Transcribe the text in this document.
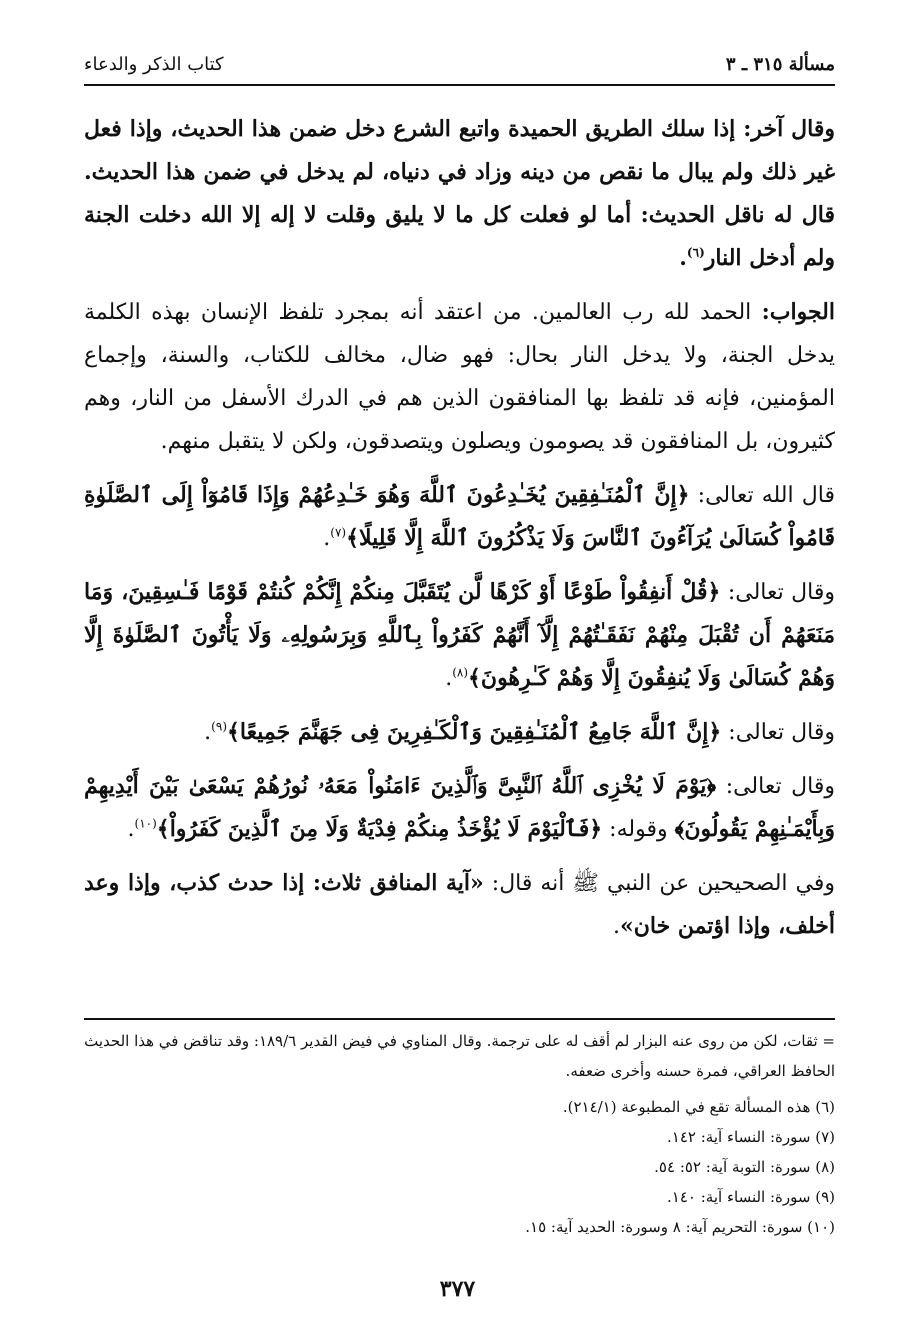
كتاب الذكر والدعاء	مسألة ٣١٥ ـ ٣

وقال آخر: إذا سلك الطريق الحميدة واتبع الشرع دخل ضمن هذا الحديث، وإذا فعل غير ذلك ولم يبال ما نقص من دينه وزاد في دنياه، لم يدخل في ضمن هذا الحديث. قال له ناقل الحديث: أما لو فعلت كل ما لا يليق وقلت لا إله إلا الله دخلت الجنة ولم أدخل النار$^{(٦)}$.

الجواب: الحمد لله رب العالمين. من اعتقد أنه بمجرد تلفظ الإنسان بهذه الكلمة يدخل الجنة، ولا يدخل النار بحال: فهو ضال، مخالف للكتاب، والسنة، وإجماع المؤمنين، فإنه قد تلفظ بها المنافقون الذين هم في الدرك الأسفل من النار، وهم كثيرون، بل المنافقون قد يصومون ويصلون ويتصدقون، ولكن لا يتقبل منهم.

قال الله تعالى: ﴿إِنَّ ٱلْمُنَـٰفِقِينَ يُخَـٰدِعُونَ ٱللَّهَ وَهُوَ خَـٰدِعُهُمْ وَإِذَا قَامُوٓاْ إِلَى ٱلصَّلَوٰةِ قَامُواْ كُسَالَىٰ يُرَآءُونَ ٱلنَّاسَ وَلَا يَذْكُرُونَ ٱللَّهَ إِلَّا قَلِيلًا﴾$^{(٧)}$.

وقال تعالى: ﴿قُلْ أَنفِقُواْ طَوْعًا أَوْ كَرْهًا لَّن يُتَقَبَّلَ مِنكُمْ إِنَّكُمْ كُنتُمْ قَوْمًا فَـٰسِقِينَ، وَمَا مَنَعَهُمْ أَن تُقْبَلَ مِنْهُمْ نَفَقَـٰتُهُمْ إِلَّآ أَنَّهُمْ كَفَرُواْ بِٱللَّهِ وَبِرَسُولِهِۦ وَلَا يَأْتُونَ ٱلصَّلَوٰةَ إِلَّا وَهُمْ كُسَالَىٰ وَلَا يُنفِقُونَ إِلَّا وَهُمْ كَـٰرِهُونَ﴾$^{(٨)}$.

وقال تعالى: ﴿إِنَّ ٱللَّهَ جَامِعُ ٱلْمُنَـٰفِقِينَ وَٱلْكَـٰفِرِينَ فِى جَهَنَّمَ جَمِيعًا﴾$^{(٩)}$.

وقال تعالى: ﴿يَوْمَ لَا يُخْزِى ٱللَّهُ ٱلنَّبِىَّ وَٱلَّذِينَ ءَامَنُواْ مَعَهُۥ نُورُهُمْ يَسْعَىٰ بَيْنَ أَيْدِيهِمْ وَبِأَيْمَـٰنِهِمْ يَقُولُونَ﴾ وقوله: ﴿فَٱلْيَوْمَ لَا يُؤْخَذُ مِنكُمْ فِدْيَةٌ وَلَا مِنَ ٱلَّذِينَ كَفَرُواْ﴾$^{(١٠)}$.

وفي الصحيحين عن النبي ﷺ أنه قال: «آية المنافق ثلاث: إذا حدث كذب، وإذا وعد أخلف، وإذا اؤتمن خان».

= ثقات، لكن من روى عنه البزار لم أقف له على ترجمة. وقال المناوي في فيض القدير ١٨٩/٦: وقد تناقض في هذا الحديث الحافظ العراقي، فمرة حسنه وأخرى ضعفه.

(٦) هذه المسألة تقع في المطبوعة (٢١٤/١).

(٧) سورة: النساء آية: ١٤٢.

(٨) سورة: التوبة آية: ٥٢: ٥٤.

(٩) سورة: النساء آية: ١٤٠.

(١٠) سورة: التحريم آية: ٨ وسورة: الحديد آية: ١٥.

٣٧٧
